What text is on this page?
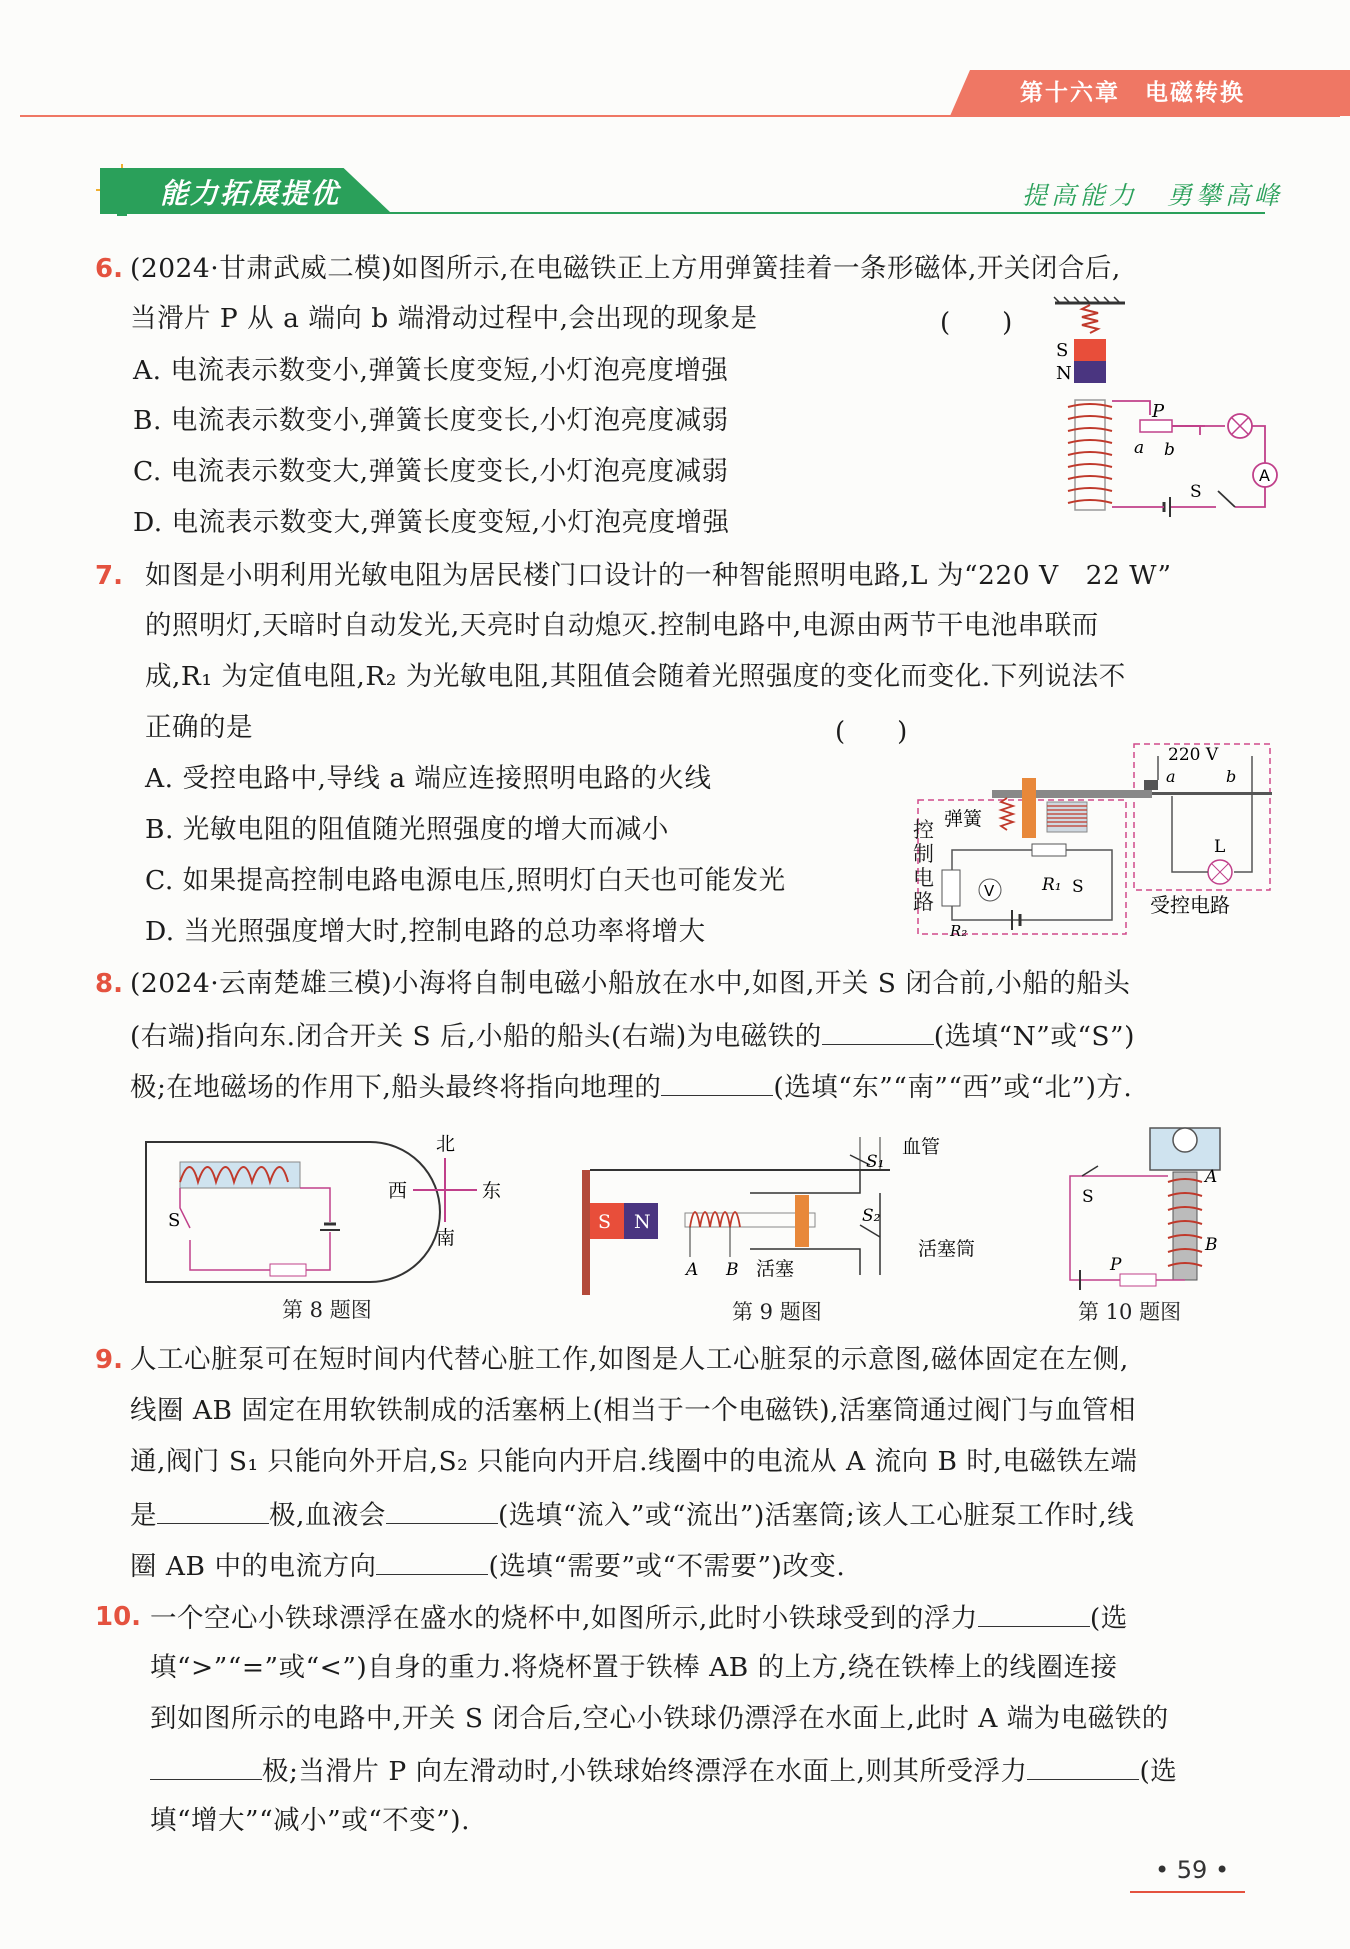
第十六章　电磁转换
能力拓展提优	提高能力　勇攀高峰
6. (2024·甘肃武威二模)如图所示,在电磁铁正上方用弹簧挂着一条形磁体,开关闭合后,
当滑片 P 从 a 端向 b 端滑动过程中,会出现的现象是	(　　)
A. 电流表示数变小,弹簧长度变短,小灯泡亮度增强
B. 电流表示数变小,弹簧长度变长,小灯泡亮度减弱
C. 电流表示数变大,弹簧长度变长,小灯泡亮度减弱
D. 电流表示数变大,弹簧长度变短,小灯泡亮度增强
S
N
P
a b
A
S
7. 如图是小明利用光敏电阻为居民楼门口设计的一种智能照明电路,L 为“220 V　22 W”
的照明灯,天暗时自动发光,天亮时自动熄灭.控制电路中,电源由两节干电池串联而
成,R₁ 为定值电阻,R₂ 为光敏电阻,其阻值会随着光照强度的变化而变化.下列说法不
正确的是	(　　)
A. 受控电路中,导线 a 端应连接照明电路的火线
B. 光敏电阻的阻值随光照强度的增大而减小
C. 如果提高控制电路电源电压,照明灯白天也可能发光
D. 当光照强度增大时,控制电路的总功率将增大
弹簧
220 V
a	b
L
V	R₁ S
R₂
受控电路
控制电路
8. (2024·云南楚雄三模)小海将自制电磁小船放在水中,如图,开关 S 闭合前,小船的船头
(右端)指向东.闭合开关 S 后,小船的船头(右端)为电磁铁的	(选填“N”或“S”)
极;在地磁场的作用下,船头最终将指向地理的	(选填“东”“南”“西”或“北”)方.
S
北
南
西	东
第 8 题图
S N
A B 活塞
S₁
S₂
血管
活塞筒
第 9 题图
A
B
S
P
第 10 题图
9. 人工心脏泵可在短时间内代替心脏工作,如图是人工心脏泵的示意图,磁体固定在左侧,
线圈 AB 固定在用软铁制成的活塞柄上(相当于一个电磁铁),活塞筒通过阀门与血管相
通,阀门 S₁ 只能向外开启,S₂ 只能向内开启.线圈中的电流从 A 流向 B 时,电磁铁左端
是	极,血液会	(选填“流入”或“流出”)活塞筒;该人工心脏泵工作时,线
圈 AB 中的电流方向	(选填“需要”或“不需要”)改变.
10. 一个空心小铁球漂浮在盛水的烧杯中,如图所示,此时小铁球受到的浮力	(选
填“>”“=”或“<”)自身的重力.将烧杯置于铁棒 AB 的上方,绕在铁棒上的线圈连接
到如图所示的电路中,开关 S 闭合后,空心小铁球仍漂浮在水面上,此时 A 端为电磁铁的
极;当滑片 P 向左滑动时,小铁球始终漂浮在水面上,则其所受浮力	(选
填“增大”“减小”或“不变”).
• 59 •
